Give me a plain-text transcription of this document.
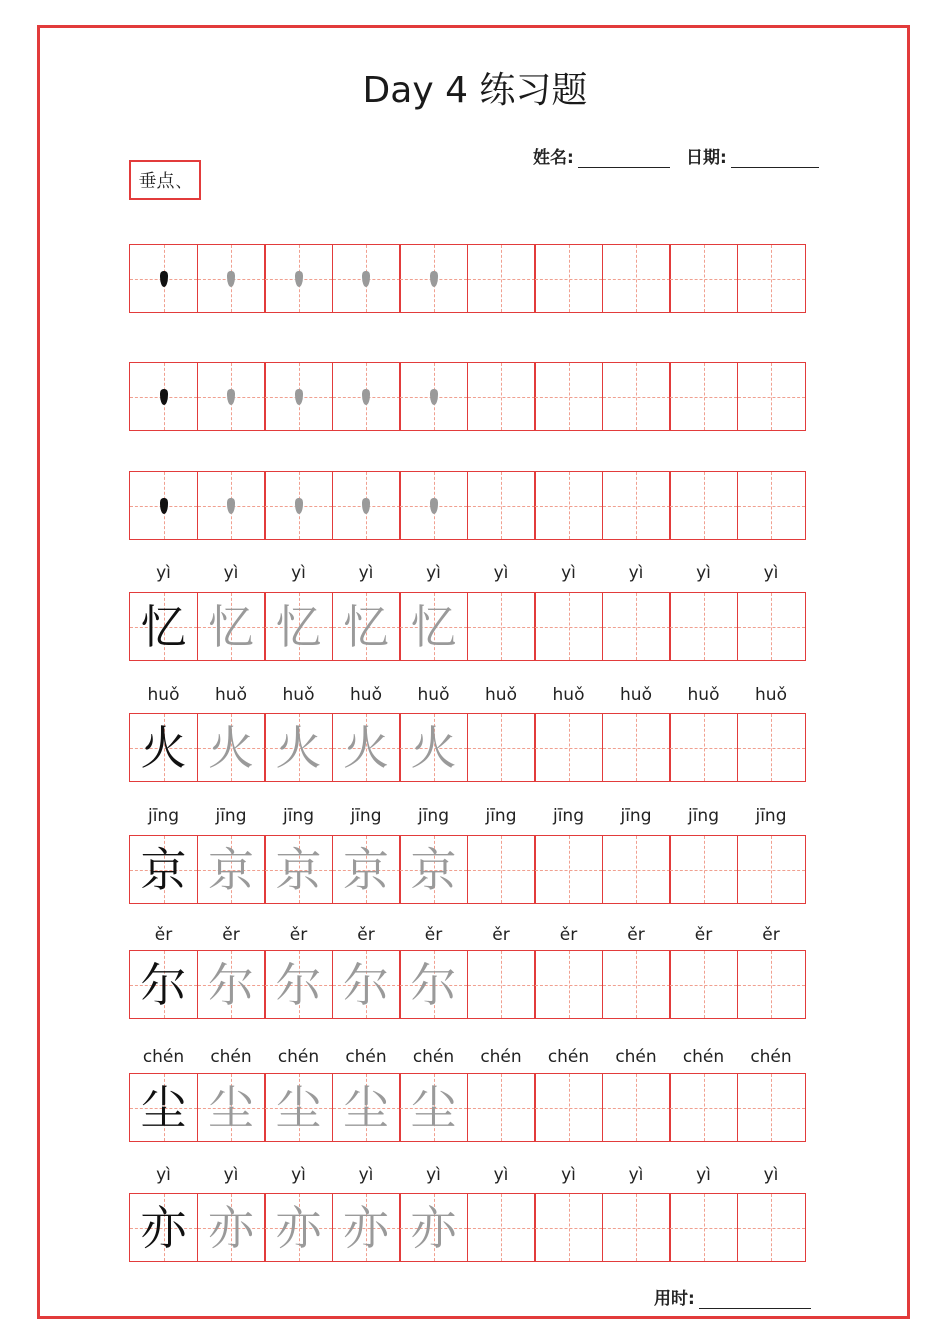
Day 4 练习题
姓名:	日期:
垂点 、
yì	yì	yì	yì	yì	yì	yì	yì	yì	yì
忆 忆 忆 忆 忆
huǒ	huǒ	huǒ	huǒ	huǒ	huǒ	huǒ	huǒ	huǒ	huǒ
火 火 火 火 火
jīng	jīng	jīng	jīng	jīng	jīng	jīng	jīng	jīng	jīng
京 京 京 京 京
ěr	ěr	ěr	ěr	ěr	ěr	ěr	ěr	ěr	ěr
尔 尔 尔 尔 尔
chén	chén	chén	chén	chén	chén	chén	chén	chén	chén
尘 尘 尘 尘 尘
yì	yì	yì	yì	yì	yì	yì	yì	yì	yì
亦 亦 亦 亦 亦
用时:
